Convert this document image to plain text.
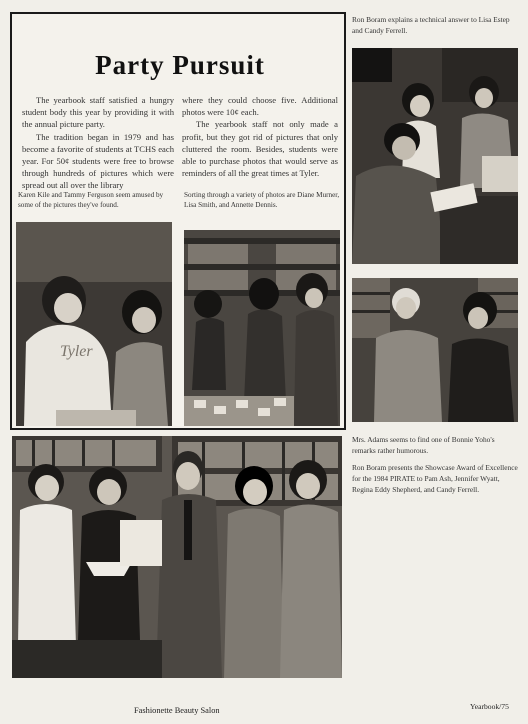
Ron Boram explains a technical answer to Lisa Estep and Candy Ferrell.
Party Pursuit

The yearbook staff satisfied a hungry student body this year by providing it with the annual picture party.

The tradition began in 1979 and has become a favorite of students at TCHS each year. For 50¢ students were free to browse through hundreds of pictures which were spread out all over the library

where they could choose five. Additional photos were 10¢ each.

The yearbook staff not only made a profit, but they got rid of pictures that only cluttered the room. Besides, students were able to purchase photos that would serve as reminders of all the great times at Tyler.

Karen Kile and Tammy Ferguson seem amused by some of the pictures they've found.
Sorting through a variety of photos are Diane Murner, Lisa Smith, and Annette Dennis.
Tyler
Mrs. Adams seems to find one of Bonnie Yoho's remarks rather humorous.
Ron Boram presents the Showcase Award of Excellence for the 1984 PIRATE to Pam Ash, Jennifer Wyatt, Regina Eddy Shepherd, and Candy Ferrell.
Fashionette Beauty Salon	Yearbook/75
